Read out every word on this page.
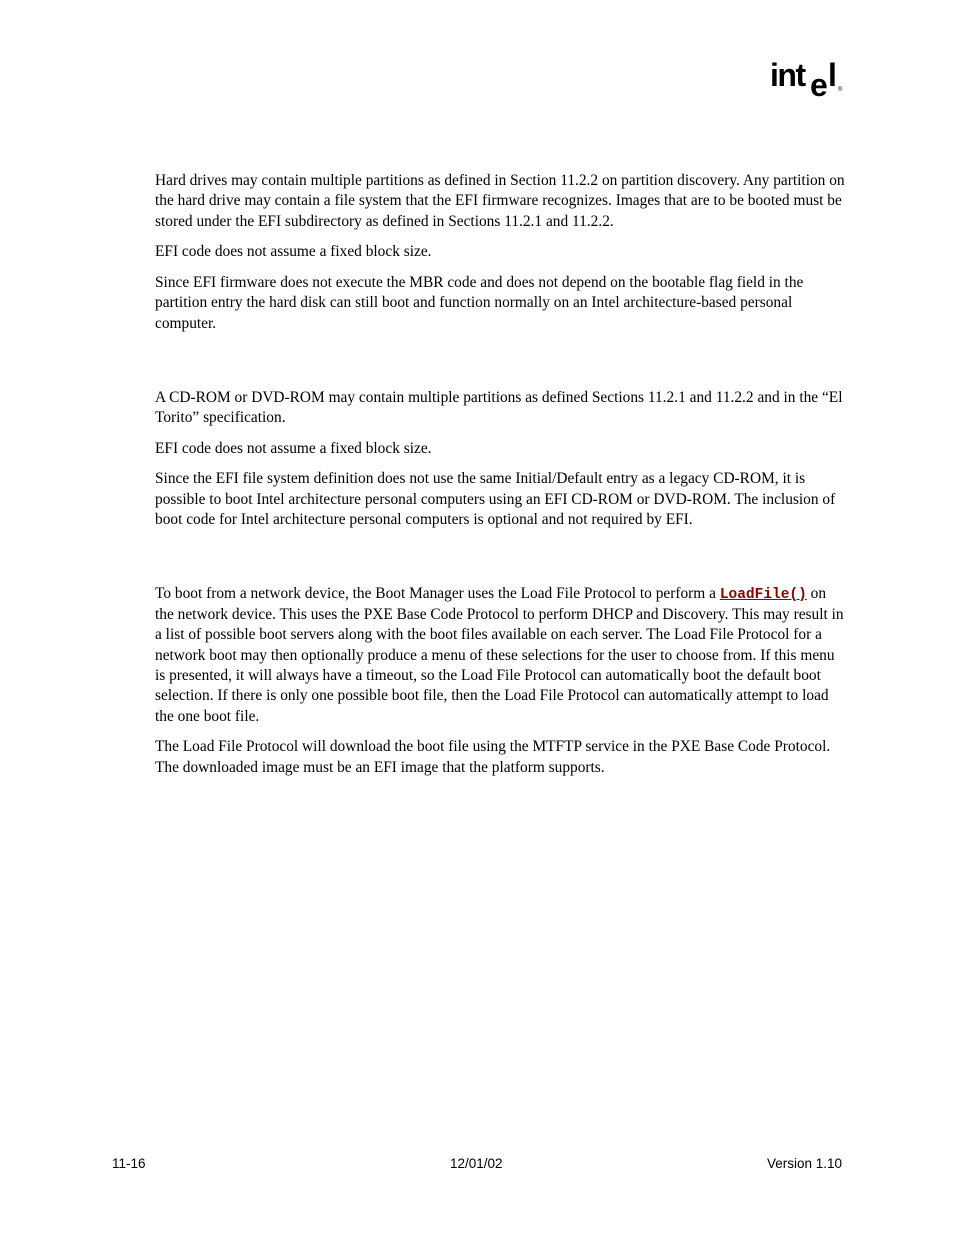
int e l ®

Hard drives may contain multiple partitions as defined in Section 11.2.2 on partition discovery. Any partition on the hard drive may contain a file system that the EFI firmware recognizes. Images that are to be booted must be stored under the EFI subdirectory as defined in Sections 11.2.1 and 11.2.2.

EFI code does not assume a fixed block size.

Since EFI firmware does not execute the MBR code and does not depend on the bootable flag field in the partition entry the hard disk can still boot and function normally on an Intel architecture-based personal computer.

A CD-ROM or DVD-ROM may contain multiple partitions as defined Sections 11.2.1 and 11.2.2 and in the “El Torito” specification.

EFI code does not assume a fixed block size.

Since the EFI file system definition does not use the same Initial/Default entry as a legacy CD-ROM, it is possible to boot Intel architecture personal computers using an EFI CD-ROM or DVD-ROM. The inclusion of boot code for Intel architecture personal computers is optional and not required by EFI.

To boot from a network device, the Boot Manager uses the Load File Protocol to perform a LoadFile() on the network device. This uses the PXE Base Code Protocol to perform DHCP and Discovery. This may result in a list of possible boot servers along with the boot files available on each server. The Load File Protocol for a network boot may then optionally produce a menu of these selections for the user to choose from. If this menu is presented, it will always have a timeout, so the Load File Protocol can automatically boot the default boot selection. If there is only one possible boot file, then the Load File Protocol can automatically attempt to load the one boot file.

The Load File Protocol will download the boot file using the MTFTP service in the PXE Base Code Protocol. The downloaded image must be an EFI image that the platform supports.

11-16	12/01/02	Version 1.10
